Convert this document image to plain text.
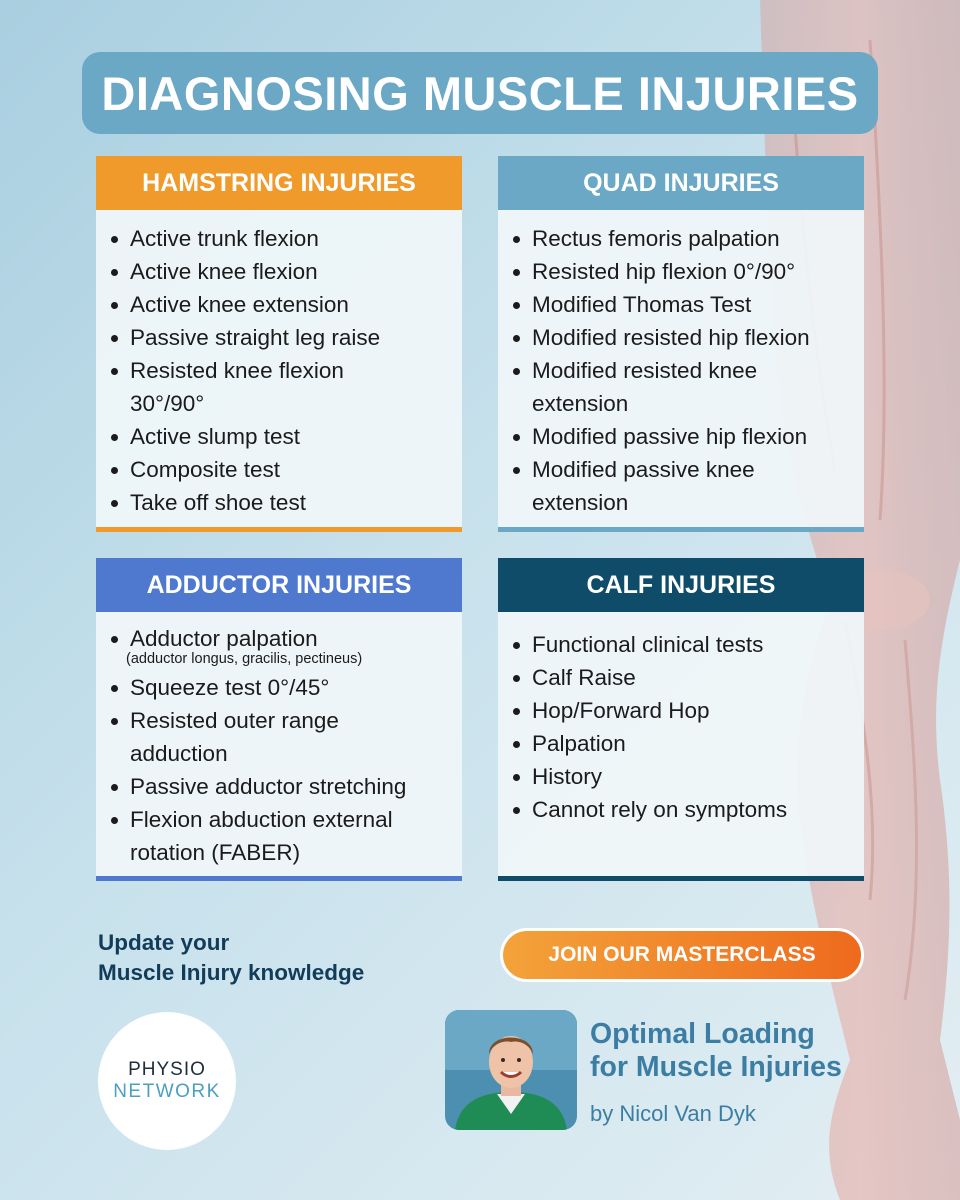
DIAGNOSING MUSCLE INJURIES
HAMSTRING INJURIES
Active trunk flexion
Active knee flexion
Active knee extension
Passive straight leg raise
Resisted knee flexion 30°/90°
Active slump test
Composite test
Take off shoe test
QUAD INJURIES
Rectus femoris palpation
Resisted hip flexion 0°/90°
Modified Thomas Test
Modified resisted hip flexion
Modified resisted knee extension
Modified passive hip flexion
Modified passive knee extension
ADDUCTOR INJURIES
Adductor palpation
(adductor longus, gracilis, pectineus)
Squeeze test 0°/45°
Resisted outer range adduction
Passive adductor stretching
Flexion abduction external rotation (FABER)
CALF INJURIES
Functional clinical tests
Calf Raise
Hop/Forward Hop
Palpation
History
Cannot rely on symptoms
Update your
Muscle Injury knowledge
PHYSIO
NETWORK
JOIN OUR MASTERCLASS
Optimal Loading
for Muscle Injuries
by Nicol Van Dyk
